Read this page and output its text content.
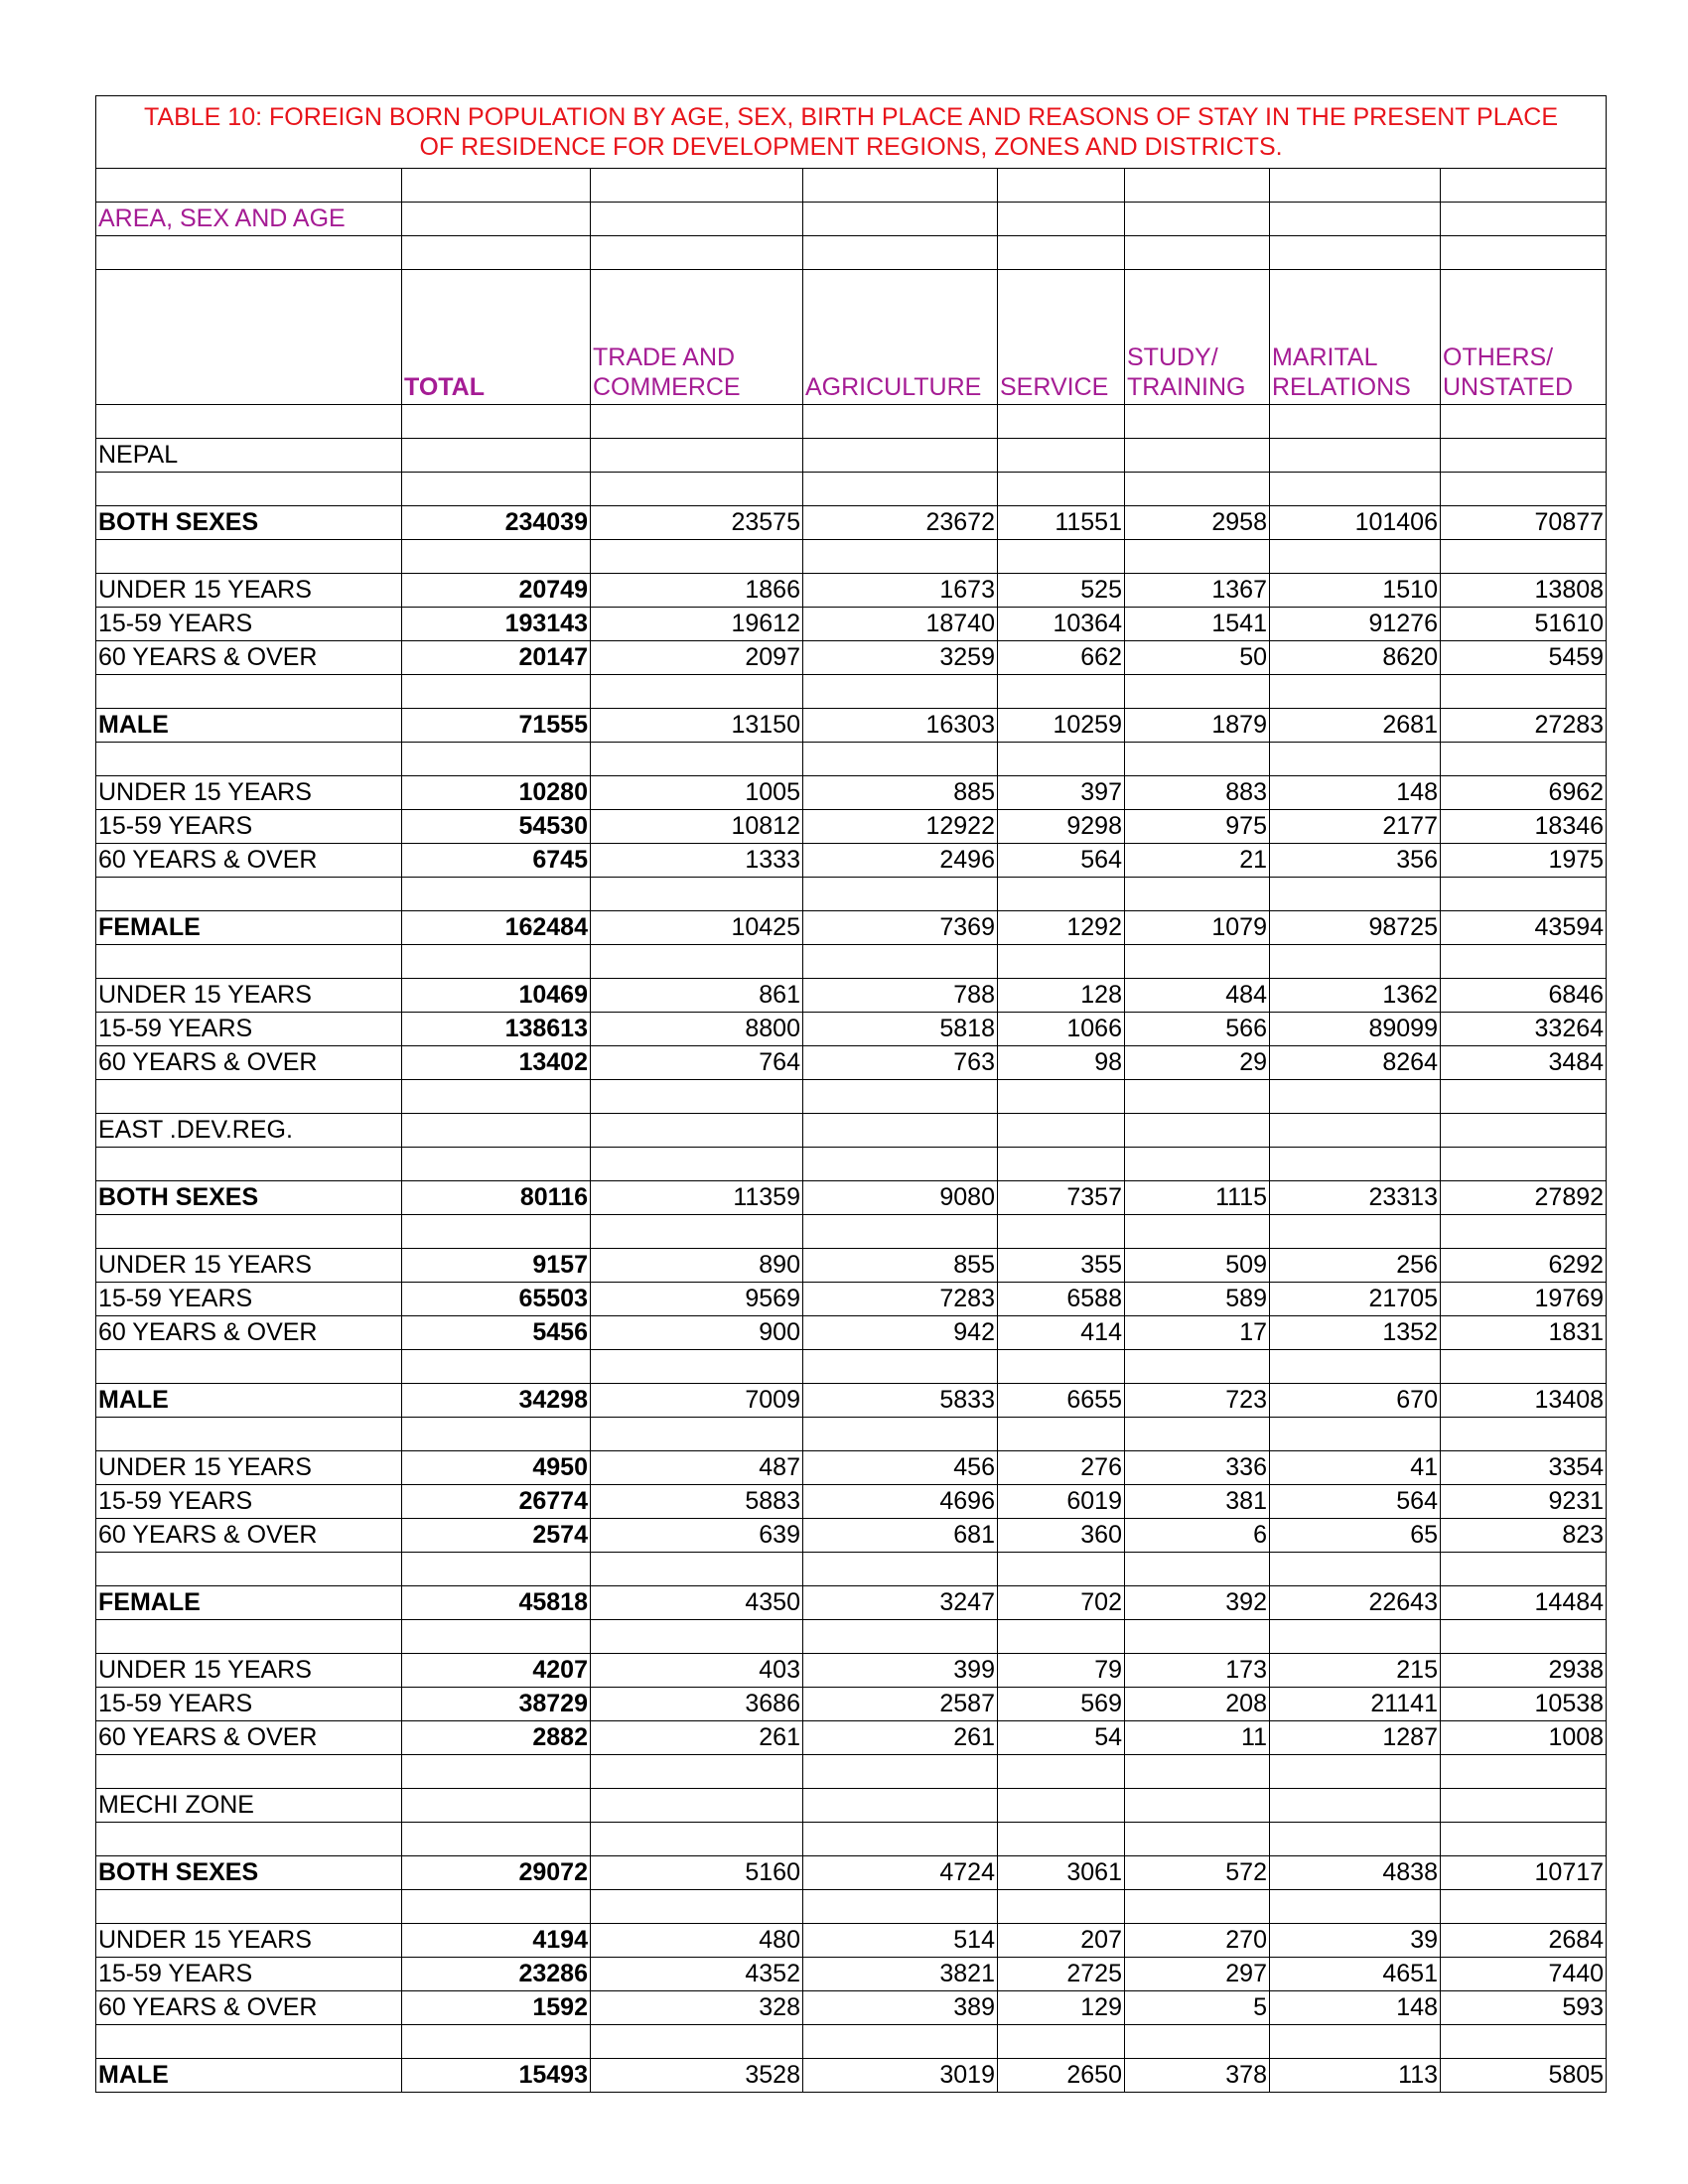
TABLE 10: FOREIGN BORN POPULATION BY AGE, SEX, BIRTH PLACE AND REASONS OF STAY IN THE PRESENT PLACE OF RESIDENCE FOR DEVELOPMENT REGIONS, ZONES AND DISTRICTS.							

AREA, SEX AND AGE							

	TOTAL	TRADE AND COMMERCE	AGRICULTURE	SERVICE	STUDY/ TRAINING	MARITAL RELATIONS	OTHERS/ UNSTATED

NEPAL							

BOTH SEXES	234039	23575	23672	11551	2958	101406	70877

UNDER 15 YEARS	20749	1866	1673	525	1367	1510	13808
15-59 YEARS	193143	19612	18740	10364	1541	91276	51610
60 YEARS & OVER	20147	2097	3259	662	50	8620	5459

MALE	71555	13150	16303	10259	1879	2681	27283

UNDER 15 YEARS	10280	1005	885	397	883	148	6962
15-59 YEARS	54530	10812	12922	9298	975	2177	18346
60 YEARS & OVER	6745	1333	2496	564	21	356	1975

FEMALE	162484	10425	7369	1292	1079	98725	43594

UNDER 15 YEARS	10469	861	788	128	484	1362	6846
15-59 YEARS	138613	8800	5818	1066	566	89099	33264
60 YEARS & OVER	13402	764	763	98	29	8264	3484

EAST .DEV.REG.							

BOTH SEXES	80116	11359	9080	7357	1115	23313	27892

UNDER 15 YEARS	9157	890	855	355	509	256	6292
15-59 YEARS	65503	9569	7283	6588	589	21705	19769
60 YEARS & OVER	5456	900	942	414	17	1352	1831

MALE	34298	7009	5833	6655	723	670	13408

UNDER 15 YEARS	4950	487	456	276	336	41	3354
15-59 YEARS	26774	5883	4696	6019	381	564	9231
60 YEARS & OVER	2574	639	681	360	6	65	823

FEMALE	45818	4350	3247	702	392	22643	14484

UNDER 15 YEARS	4207	403	399	79	173	215	2938
15-59 YEARS	38729	3686	2587	569	208	21141	10538
60 YEARS & OVER	2882	261	261	54	11	1287	1008

MECHI ZONE							

BOTH SEXES	29072	5160	4724	3061	572	4838	10717

UNDER 15 YEARS	4194	480	514	207	270	39	2684
15-59 YEARS	23286	4352	3821	2725	297	4651	7440
60 YEARS & OVER	1592	328	389	129	5	148	593

MALE	15493	3528	3019	2650	378	113	5805
